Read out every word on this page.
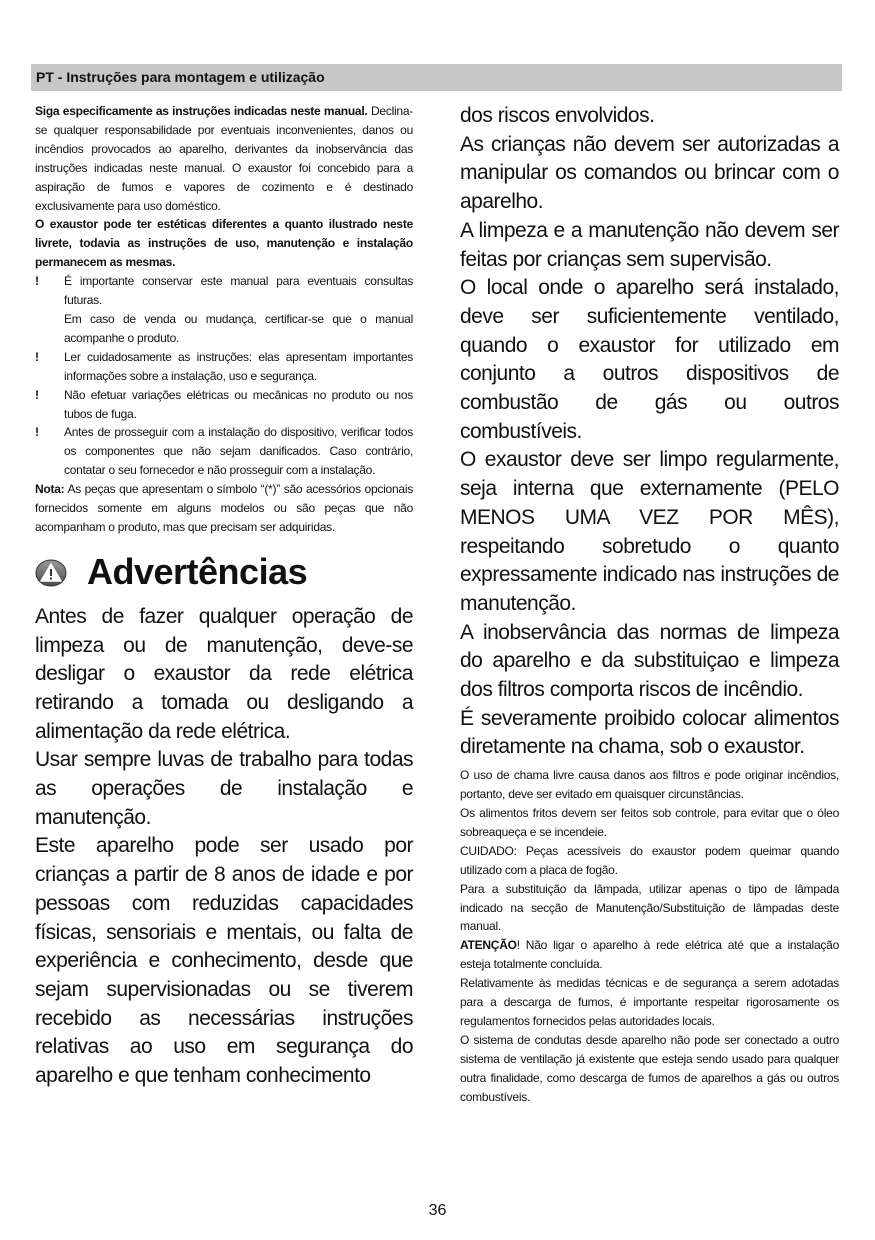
PT - Instruções para montagem e utilização

Siga especificamente as instruções indicadas neste manual. Declina-se qualquer responsabilidade por eventuais inconvenientes, danos ou incêndios provocados ao aparelho, derivantes da inobservância das instruções indicadas neste manual. O exaustor foi concebido para a aspiração de fumos e vapores de cozimento e é destinado exclusivamente para uso doméstico.

O exaustor pode ter estéticas diferentes a quanto ilustrado neste livrete, todavia as instruções de uso, manutenção e instalação permanecem as mesmas.

! É importante conservar este manual para eventuais consultas futuras.
Em caso de venda ou mudança, certificar-se que o manual acompanhe o produto.
! Ler cuidadosamente as instruções: elas apresentam importantes informações sobre a instalação, uso e segurança.
! Não efetuar variações elétricas ou mecânicas no produto ou nos tubos de fuga.
! Antes de prosseguir com a instalação do dispositivo, verificar todos os componentes que não sejam danificados. Caso contrário, contatar o seu fornecedor e não prosseguir com a instalação.

Nota: As peças que apresentam o símbolo “(*)” são acessórios opcionais fornecidos somente em alguns modelos ou são peças que não acompanham o produto, mas que precisam ser adquiridas.

Advertências

Antes de fazer qualquer operação de limpeza ou de manutenção, deve-se desligar o exaustor da rede elétrica retirando a tomada ou desligando a alimentação da rede elétrica.

Usar sempre luvas de trabalho para todas as operações de instalação e manutenção.

Este aparelho pode ser usado por crianças a partir de 8 anos de idade e por pessoas com reduzidas capacidades físicas, sensoriais e mentais, ou falta de experiência e conhecimento, desde que sejam supervisionadas ou se tiverem recebido as necessárias instruções relativas ao uso em segurança do aparelho e que tenham conhecimento

dos riscos envolvidos.

As crianças não devem ser autorizadas a manipular os comandos ou brincar com o aparelho.

A limpeza e a manutenção não devem ser feitas por crianças sem supervisão.

O local onde o aparelho será instalado, deve ser suficientemente ventilado, quando o exaustor for utilizado em conjunto a outros dispositivos de combustão de gás ou outros combustíveis.

O exaustor deve ser limpo regularmente, seja interna que externamente (PELO MENOS UMA VEZ POR MÊS), respeitando sobretudo o quanto expressamente indicado nas instruções de manutenção.

A inobservância das normas de limpeza do aparelho e da substituiçao e limpeza dos filtros comporta riscos de incêndio.

É severamente proibido colocar alimentos diretamente na chama, sob o exaustor.

O uso de chama livre causa danos aos filtros e pode originar incêndios, portanto, deve ser evitado em quaisquer circunstâncias.

Os alimentos fritos devem ser feitos sob controle, para evitar que o óleo sobreaqueça e se incendeie.

CUIDADO: Peças acessíveis do exaustor podem queimar quando utilizado com a placa de fogão.

Para a substituição da lâmpada, utilizar apenas o tipo de lâmpada indicado na secção de Manutenção/Substituição de lâmpadas deste manual.

ATENÇÃO! Não ligar o aparelho à rede elétrica até que a instalação esteja totalmente concluída.

Relativamente às medidas técnicas e de segurança a serem adotadas para a descarga de fumos, é importante respeitar rigorosamente os regulamentos fornecidos pelas autoridades locais.

O sistema de condutas desde aparelho não pode ser conectado a outro sistema de ventilação já existente que esteja sendo usado para qualquer outra finalidade, como descarga de fumos de aparelhos a gás ou outros combustíveis.

36
